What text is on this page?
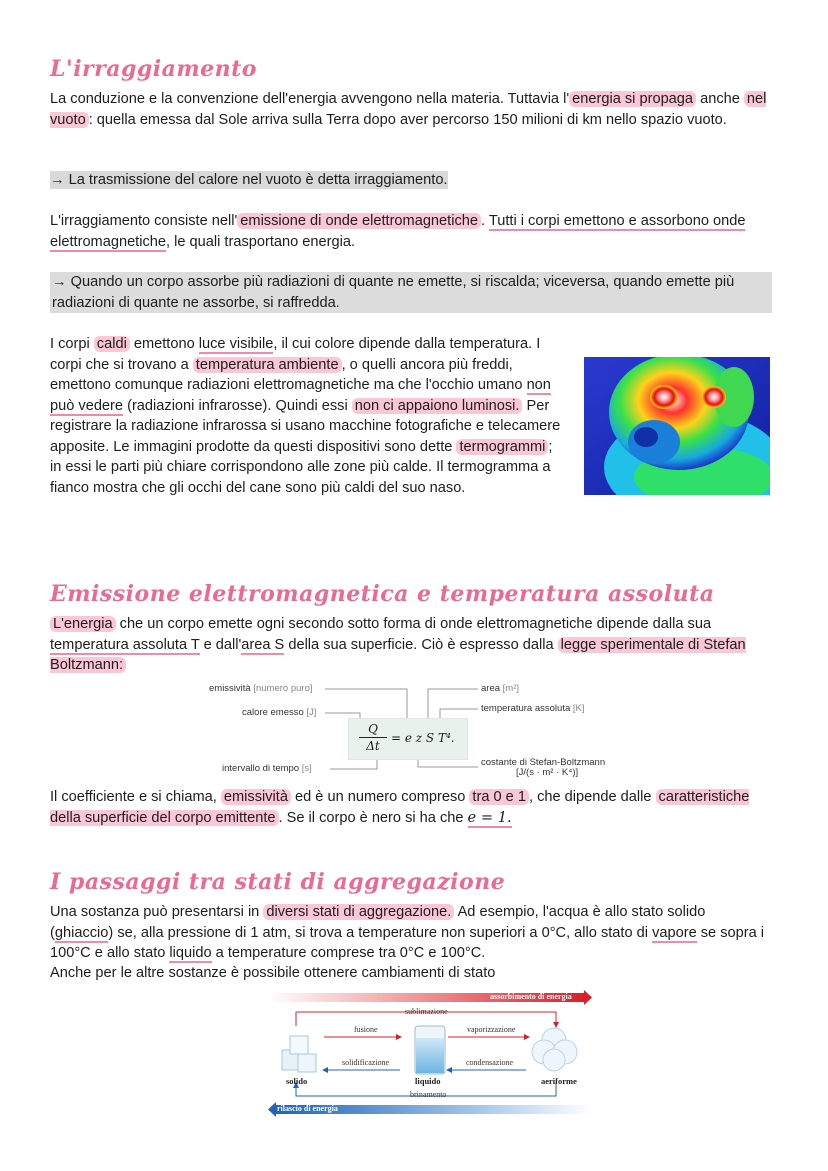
L'irraggiamento

La conduzione e la convenzione dell'energia avvengono nella materia. Tuttavia l' energia si propaga anche nel vuoto : quella emessa dal Sole arriva sulla Terra dopo aver percorso 150 milioni di km nello spazio vuoto.

→ La trasmissione del calore nel vuoto è detta irraggiamento.

L'irraggiamento consiste nell' emissione di onde elettromagnetiche . Tutti i corpi emettono e assorbono onde elettromagnetiche, le quali trasportano energia.

→ Quando un corpo assorbe più radiazioni di quante ne emette, si riscalda; viceversa, quando emette più radiazioni di quante ne assorbe, si raffredda.

I corpi caldi emettono luce visibile, il cui colore dipende dalla temperatura. I corpi che si trovano a temperatura ambiente , o quelli ancora più freddi, emettono comunque radiazioni elettromagnetiche ma che l'occhio umano non può vedere (radiazioni infrarosse). Quindi essi non ci appaiono luminosi. Per registrare la radiazione infrarossa si usano macchine fotografiche e telecamere apposite. Le immagini prodotte da questi dispositivi sono dette termogrammi ; in essi le parti più chiare corrispondono alle zone più calde. Il termogramma a fianco mostra che gli occhi del cane sono più caldi del suo naso.

Emissione elettromagnetica e temperatura assoluta

L'energia che un corpo emette ogni secondo sotto forma di onde elettromagnetiche dipende dalla sua temperatura assoluta T e dall'area S della sua superficie. Ciò è espresso dalla legge sperimentale di Stefan Boltzmann:

emissività [numero puro]
calore emesso [J]
intervallo di tempo [s]
area [m²]
temperatura assoluta [K]
costante di Stefan-Boltzmann
[J/(s · m² · K⁴)]
$\frac{Q}{\Delta t} = e$ z S T⁴.

Il coefficiente e si chiama, emissività ed è un numero compreso tra 0 e 1 , che dipende dalle caratteristiche della superficie del corpo emittente . Se il corpo è nero si ha che e = 1.

I passaggi tra stati di aggregazione

Una sostanza può presentarsi in diversi stati di aggregazione. Ad esempio, l'acqua è allo stato solido (ghiaccio) se, alla pressione di 1 atm, si trova a temperature non superiori a 0°C, allo stato di vapore se sopra i 100°C e allo stato liquido a temperature comprese tra 0°C e 100°C.

Anche per le altre sostanze è possibile ottenere cambiamenti di stato

assorbimento di energia
rilascio di energia
sublimazione
fusione	vaporizzazione
solidificazione	condensazione
solido	liquido	aeriforme
brinamento
